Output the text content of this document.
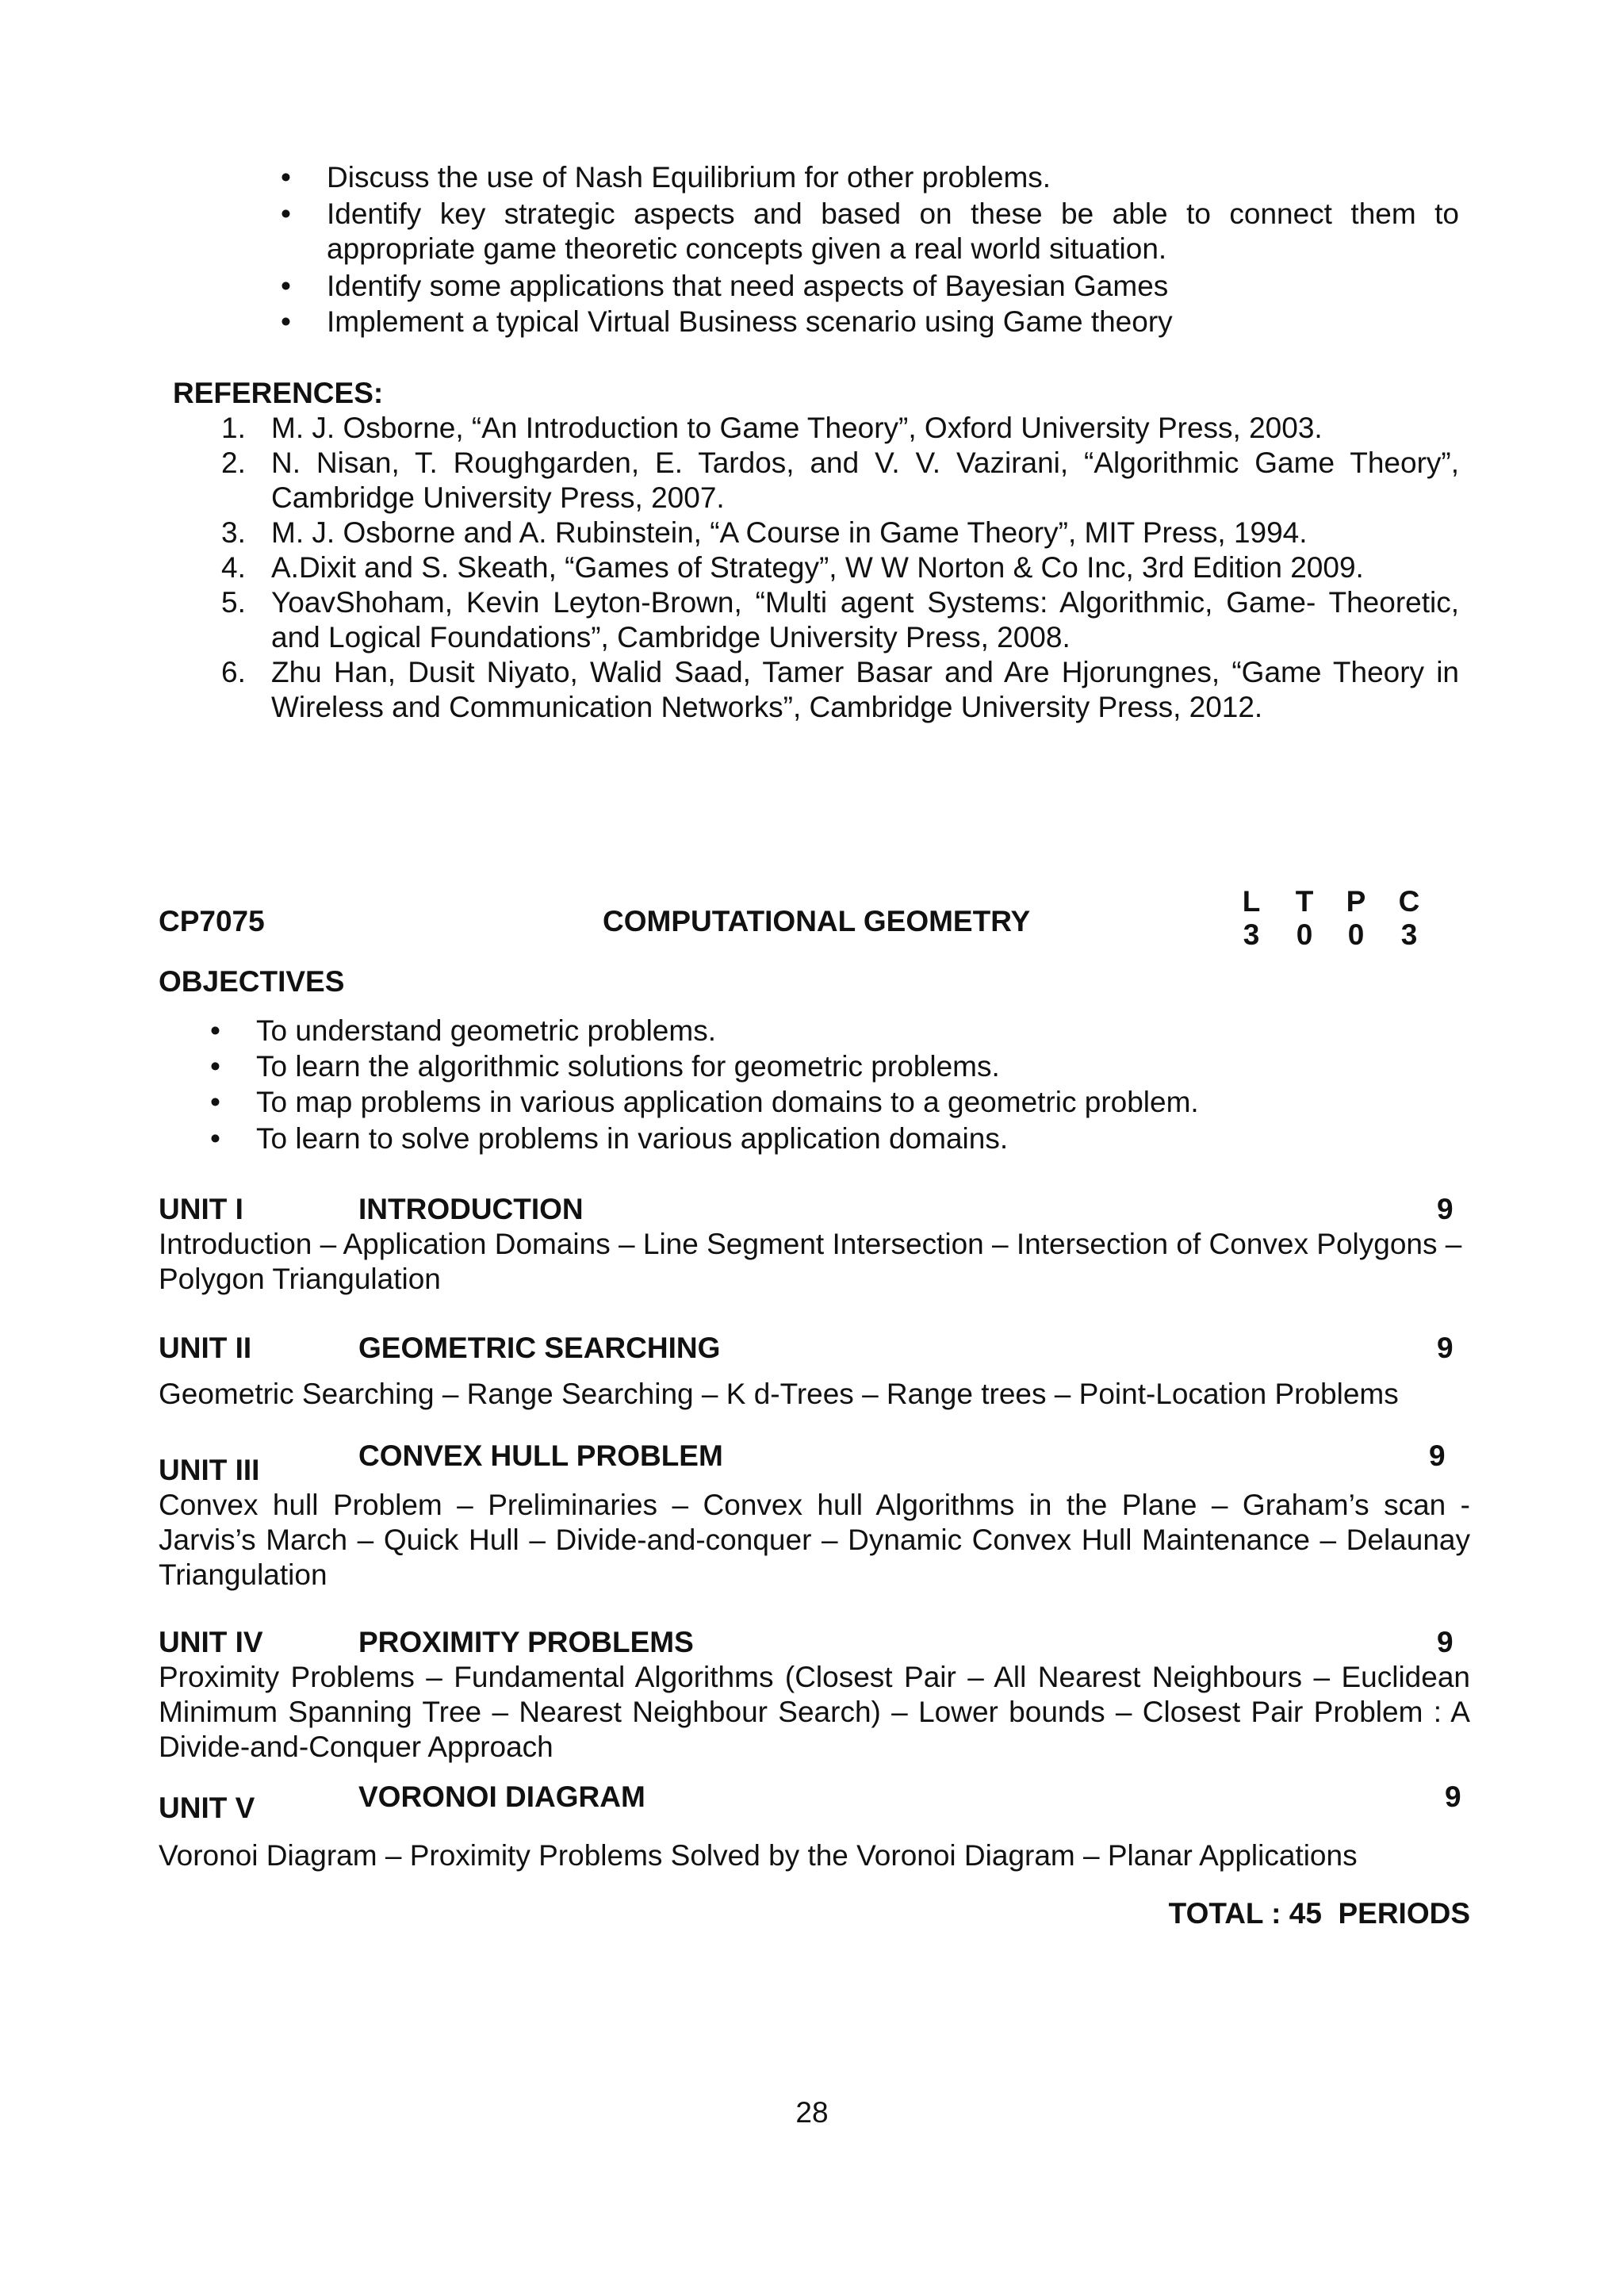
• Discuss the use of Nash Equilibrium for other problems.
• Identify key strategic aspects and based on these be able to connect them to appropriate game theoretic concepts given a real world situation.
• Identify some applications that need aspects of Bayesian Games
• Implement a typical Virtual Business scenario using Game theory
REFERENCES:
1. M. J. Osborne, “An Introduction to Game Theory”, Oxford University Press, 2003.
2. N. Nisan, T. Roughgarden, E. Tardos, and V. V. Vazirani, “Algorithmic Game Theory”, Cambridge University Press, 2007.
3. M. J. Osborne and A. Rubinstein, “A Course in Game Theory”, MIT Press, 1994.
4. A.Dixit and S. Skeath, “Games of Strategy”, W W Norton & Co Inc, 3rd Edition 2009.
5. YoavShoham, Kevin Leyton-Brown, “Multi agent Systems: Algorithmic, Game- Theoretic, and Logical Foundations”, Cambridge University Press, 2008.
6. Zhu Han, Dusit Niyato, Walid Saad, Tamer Basar and Are Hjorungnes, “Game Theory in Wireless and Communication Networks”, Cambridge University Press, 2012.
CP7075	COMPUTATIONAL GEOMETRY
L T P C
3 0 0 3
OBJECTIVES
• To understand geometric problems.
• To learn the algorithmic solutions for geometric problems.
• To map problems in various application domains to a geometric problem.
• To learn to solve problems in various application domains.
UNIT I	INTRODUCTION	9
Introduction – Application Domains – Line Segment Intersection – Intersection of Convex Polygons – Polygon Triangulation
UNIT II	GEOMETRIC SEARCHING	9
Geometric Searching – Range Searching – K d-Trees – Range trees – Point-Location Problems
UNIT III	CONVEX HULL PROBLEM	9
Convex hull Problem – Preliminaries – Convex hull Algorithms in the Plane – Graham’s scan - Jarvis’s March – Quick Hull – Divide-and-conquer – Dynamic Convex Hull Maintenance – Delaunay Triangulation
UNIT IV	PROXIMITY PROBLEMS	9
Proximity Problems – Fundamental Algorithms (Closest Pair – All Nearest Neighbours – Euclidean Minimum Spanning Tree – Nearest Neighbour Search) – Lower bounds – Closest Pair Problem : A Divide-and-Conquer Approach
UNIT V	VORONOI DIAGRAM	9
Voronoi Diagram – Proximity Problems Solved by the Voronoi Diagram – Planar Applications
TOTAL : 45  PERIODS
28
